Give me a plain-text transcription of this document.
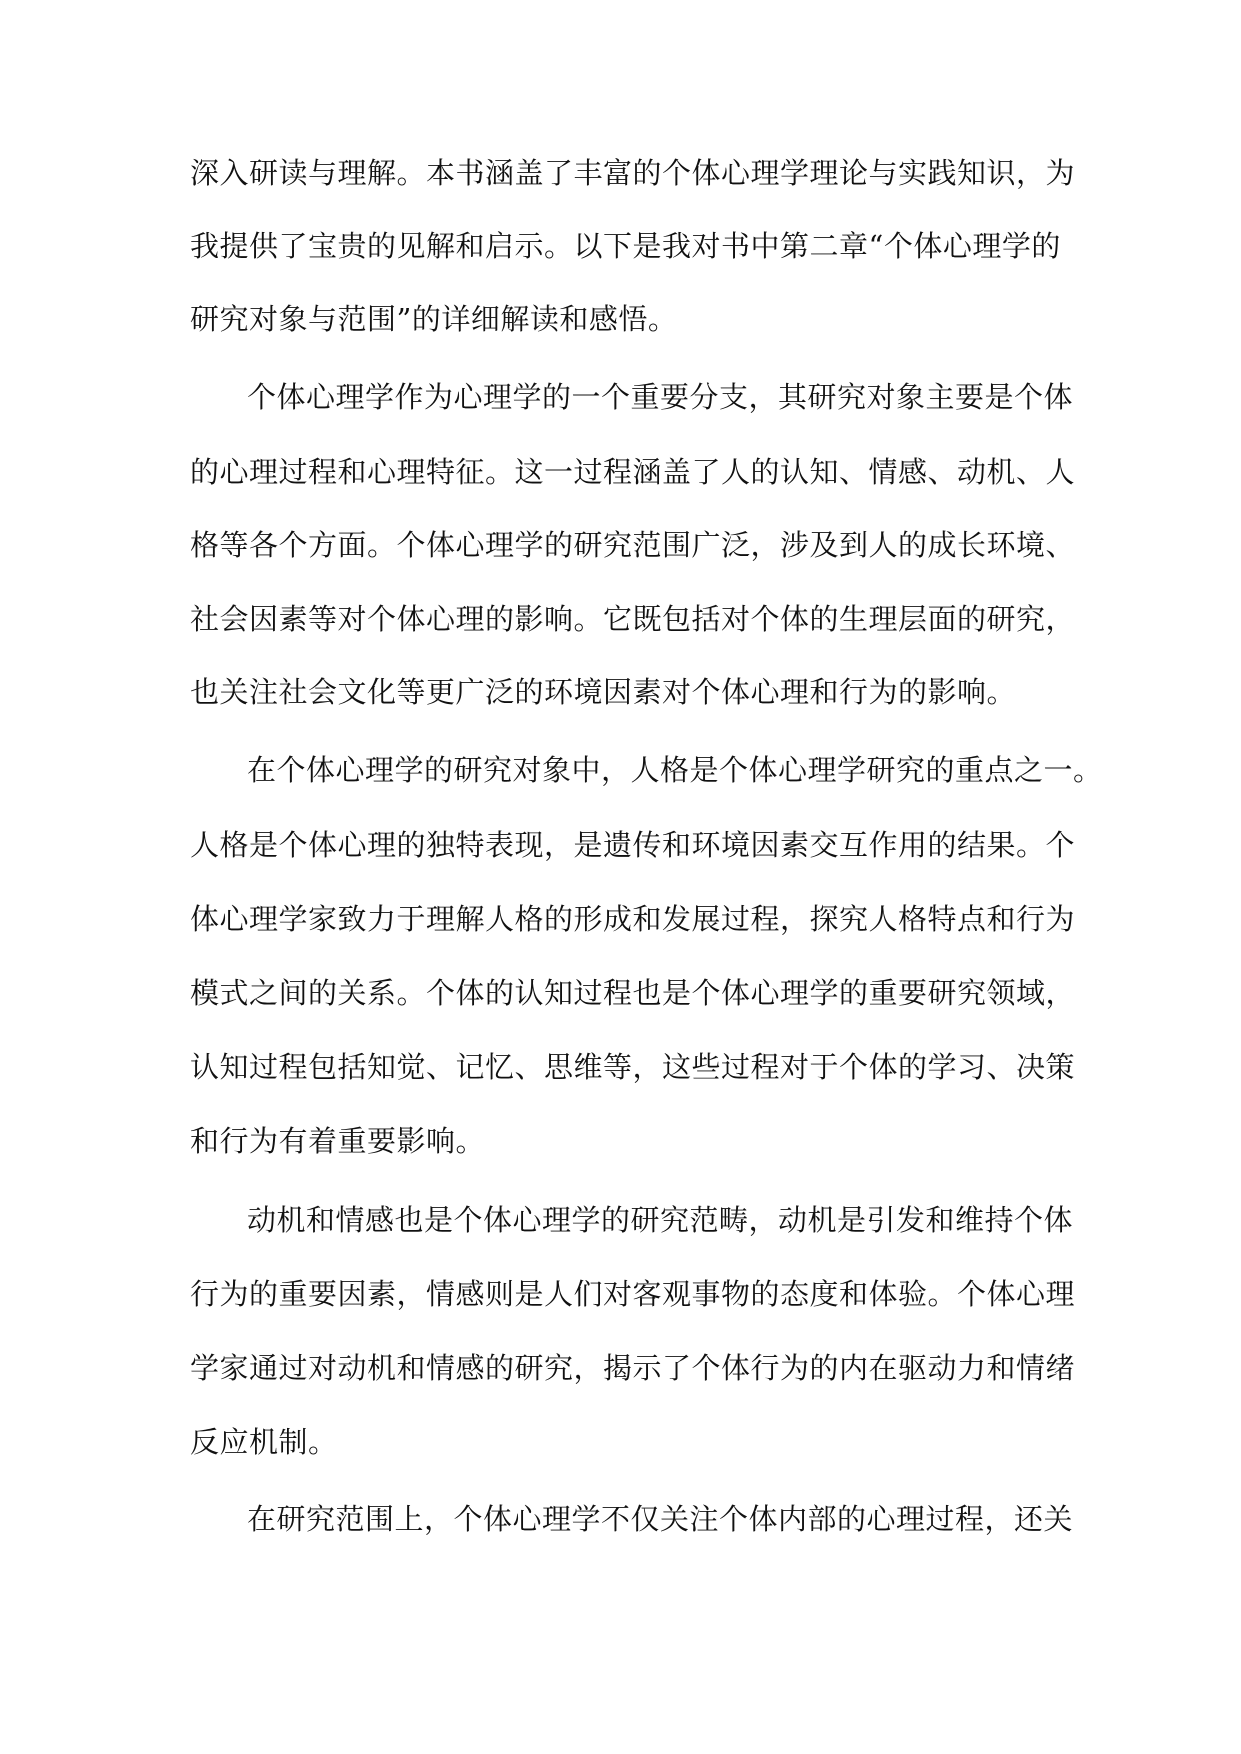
深入研读与理解。本书涵盖了丰富的个体心理学理论与实践知识，为
我提供了宝贵的见解和启示。以下是我对书中第二章“个体心理学的
研究对象与范围”的详细解读和感悟。
个体心理学作为心理学的一个重要分支，其研究对象主要是个体
的心理过程和心理特征。这一过程涵盖了人的认知、情感、动机、人
格等各个方面。个体心理学的研究范围广泛，涉及到人的成长环境、
社会因素等对个体心理的影响。它既包括对个体的生理层面的研究，
也关注社会文化等更广泛的环境因素对个体心理和行为的影响。
在个体心理学的研究对象中，人格是个体心理学研究的重点之一。
人格是个体心理的独特表现，是遗传和环境因素交互作用的结果。个
体心理学家致力于理解人格的形成和发展过程，探究人格特点和行为
模式之间的关系。个体的认知过程也是个体心理学的重要研究领域，
认知过程包括知觉、记忆、思维等，这些过程对于个体的学习、决策
和行为有着重要影响。
动机和情感也是个体心理学的研究范畴，动机是引发和维持个体
行为的重要因素，情感则是人们对客观事物的态度和体验。个体心理
学家通过对动机和情感的研究，揭示了个体行为的内在驱动力和情绪
反应机制。
在研究范围上，个体心理学不仅关注个体内部的心理过程，还关
